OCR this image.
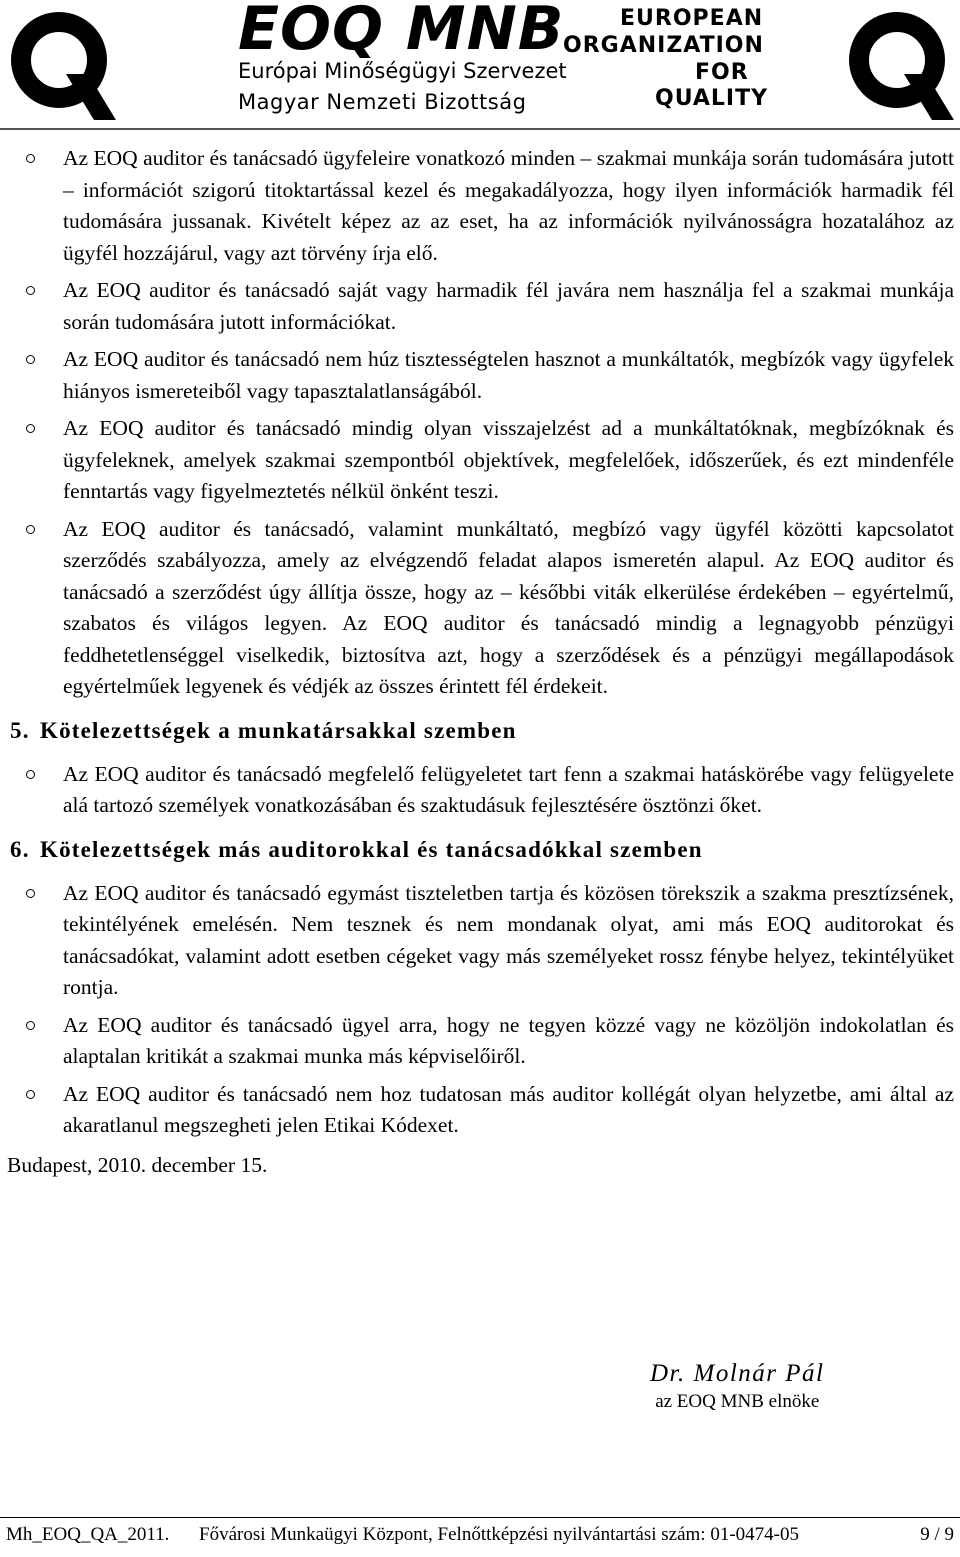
EOQ MNB
Európai Minőségügyi Szervezet
Magyar Nemzeti Bizottság
EUROPEAN
ORGANIZATION
FOR
QUALITY
Az EOQ auditor és tanácsadó ügyfeleire vonatkozó minden – szakmai munkája során tudomására jutott – információt szigorú titoktartással kezel és megakadályozza, hogy ilyen információk harmadik fél tudomására jussanak. Kivételt képez az az eset, ha az információk nyilvánosságra hozatalához az ügyfél hozzájárul, vagy azt törvény írja elő.
Az EOQ auditor és tanácsadó saját vagy harmadik fél javára nem használja fel a szakmai munkája során tudomására jutott információkat.
Az EOQ auditor és tanácsadó nem húz tisztességtelen hasznot a munkáltatók, megbízók vagy ügyfelek hiányos ismereteiből vagy tapasztalatlanságából.
Az EOQ auditor és tanácsadó mindig olyan visszajelzést ad a munkáltatóknak, megbízóknak és ügyfeleknek, amelyek szakmai szempontból objektívek, megfelelőek, időszerűek, és ezt mindenféle fenntartás vagy figyelmeztetés nélkül önként teszi.
Az EOQ auditor és tanácsadó, valamint munkáltató, megbízó vagy ügyfél közötti kapcsolatot szerződés szabályozza, amely az elvégzendő feladat alapos ismeretén alapul. Az EOQ auditor és tanácsadó a szerződést úgy állítja össze, hogy az – későbbi viták elkerülése érdekében – egyértelmű, szabatos és világos legyen. Az EOQ auditor és tanácsadó mindig a legnagyobb pénzügyi feddhetetlenséggel viselkedik, biztosítva azt, hogy a szerződések és a pénzügyi megállapodások egyértelműek legyenek és védjék az összes érintett fél érdekeit.
5. Kötelezettségek a munkatársakkal szemben
Az EOQ auditor és tanácsadó megfelelő felügyeletet tart fenn a szakmai hatáskörébe vagy felügyelete alá tartozó személyek vonatkozásában és szaktudásuk fejlesztésére ösztönzi őket.
6. Kötelezettségek más auditorokkal és tanácsadókkal szemben
Az EOQ auditor és tanácsadó egymást tiszteletben tartja és közösen törekszik a szakma presztízsének, tekintélyének emelésén. Nem tesznek és nem mondanak olyat, ami más EOQ auditorokat és tanácsadókat, valamint adott esetben cégeket vagy más személyeket rossz fénybe helyez, tekintélyüket rontja.
Az EOQ auditor és tanácsadó ügyel arra, hogy ne tegyen közzé vagy ne közöljön indokolatlan és alaptalan kritikát a szakmai munka más képviselőiről.
Az EOQ auditor és tanácsadó nem hoz tudatosan más auditor kollégát olyan helyzetbe, ami által az akaratlanul megszegheti jelen Etikai Kódexet.
Budapest, 2010. december 15.
Dr. Molnár Pál
az EOQ MNB elnöke
Mh_EOQ_QA_2011. Fővárosi Munkaügyi Központ, Felnőttképzési nyilvántartási szám: 01-0474-05	9 / 9
